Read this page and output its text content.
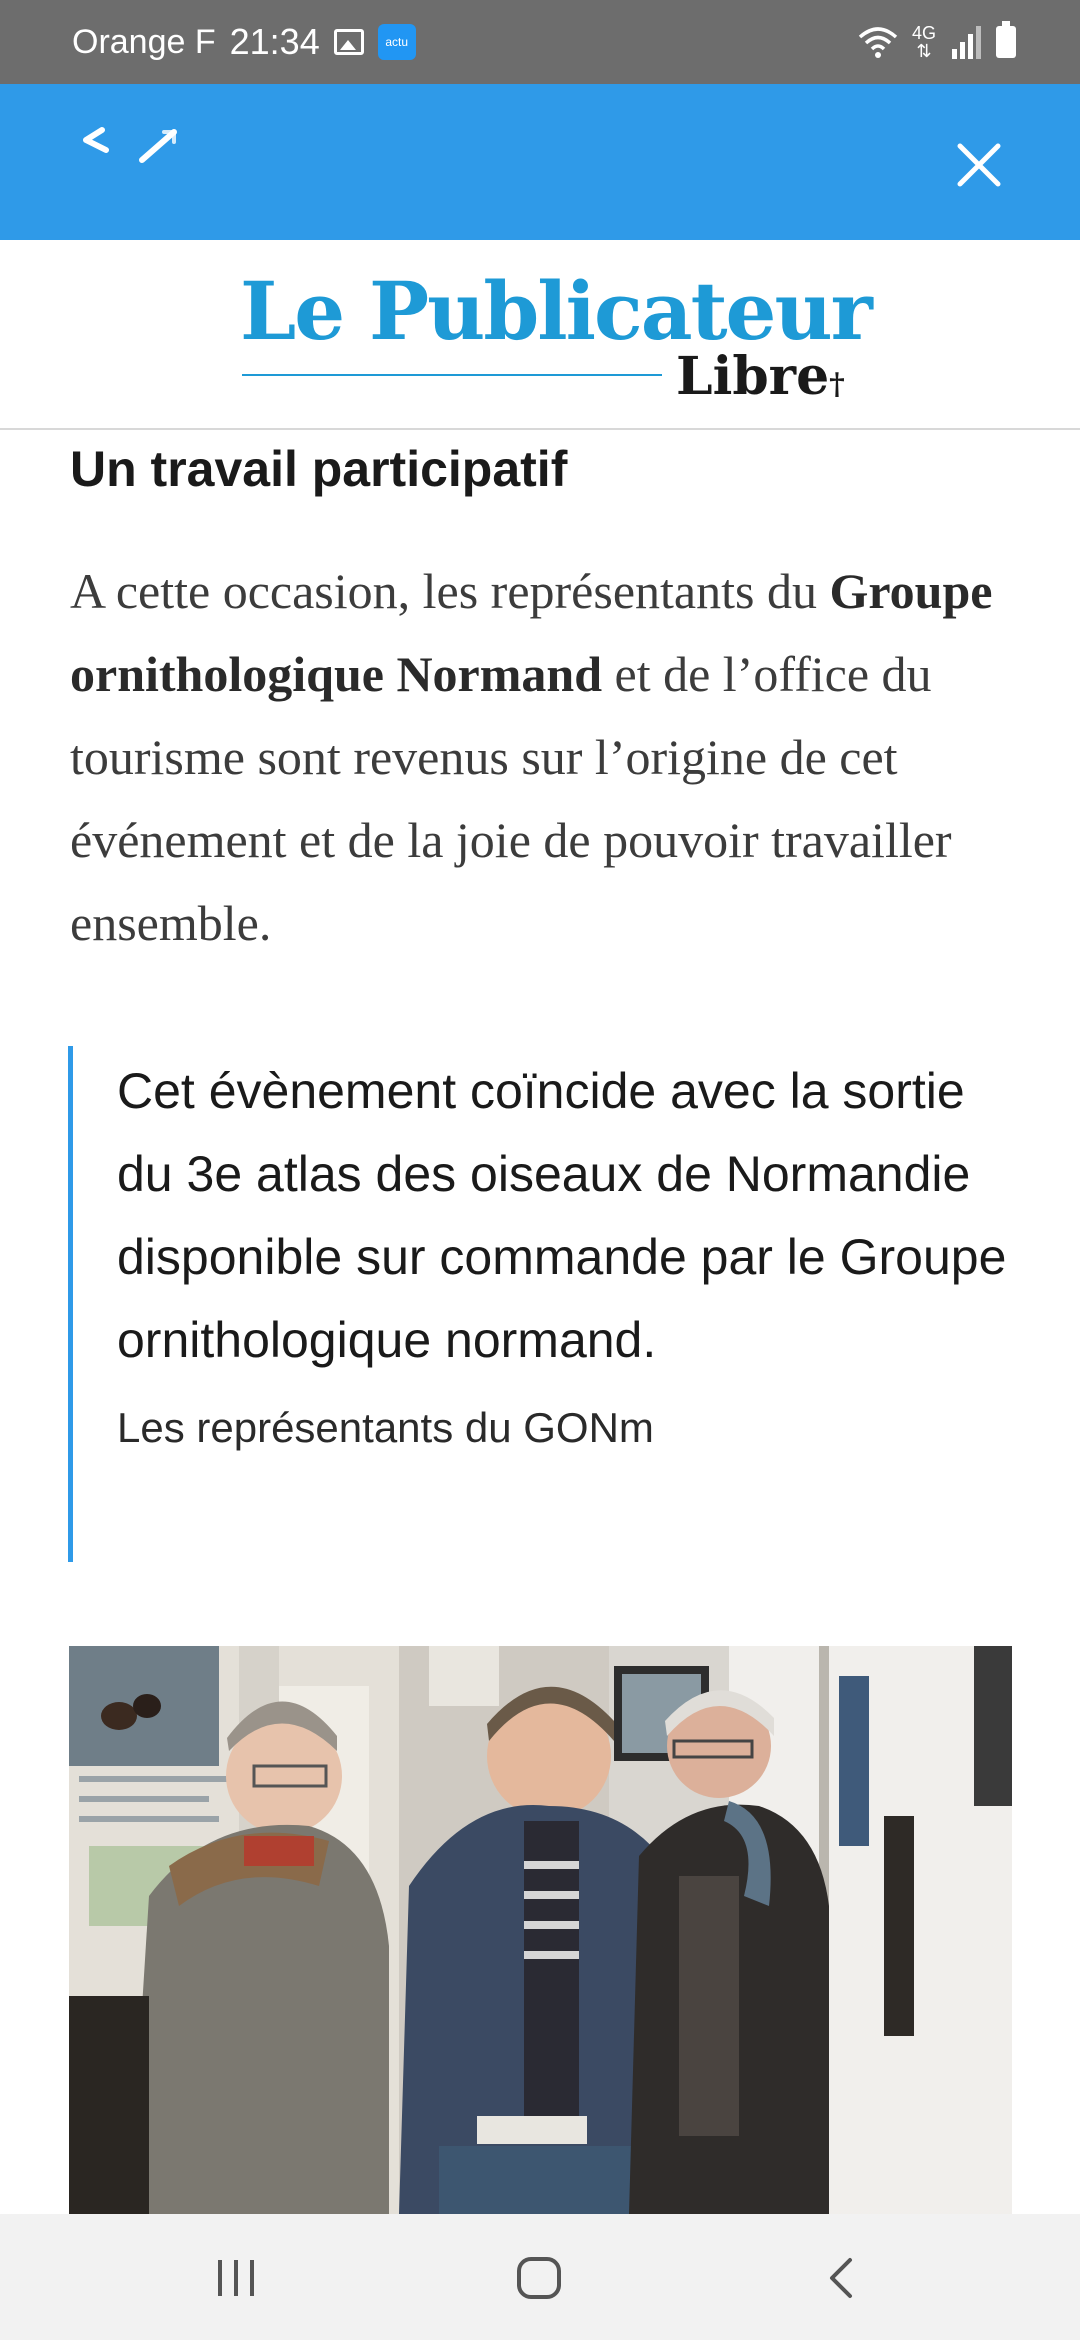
Orange F 21:34	actu	4G
⇅
Le Publicateur
Libre†
Un travail participatif

A cette occasion, les représentants du Groupe ornithologique Normand et de l’office du tourisme sont revenus sur l’origine de cet événement et de la joie de pouvoir travailler ensemble.

Cet évènement coïncide avec la sortie du 3e atlas des oiseaux de Normandie disponible sur commande par le Groupe ornithologique normand.

Les représentants du GONm
